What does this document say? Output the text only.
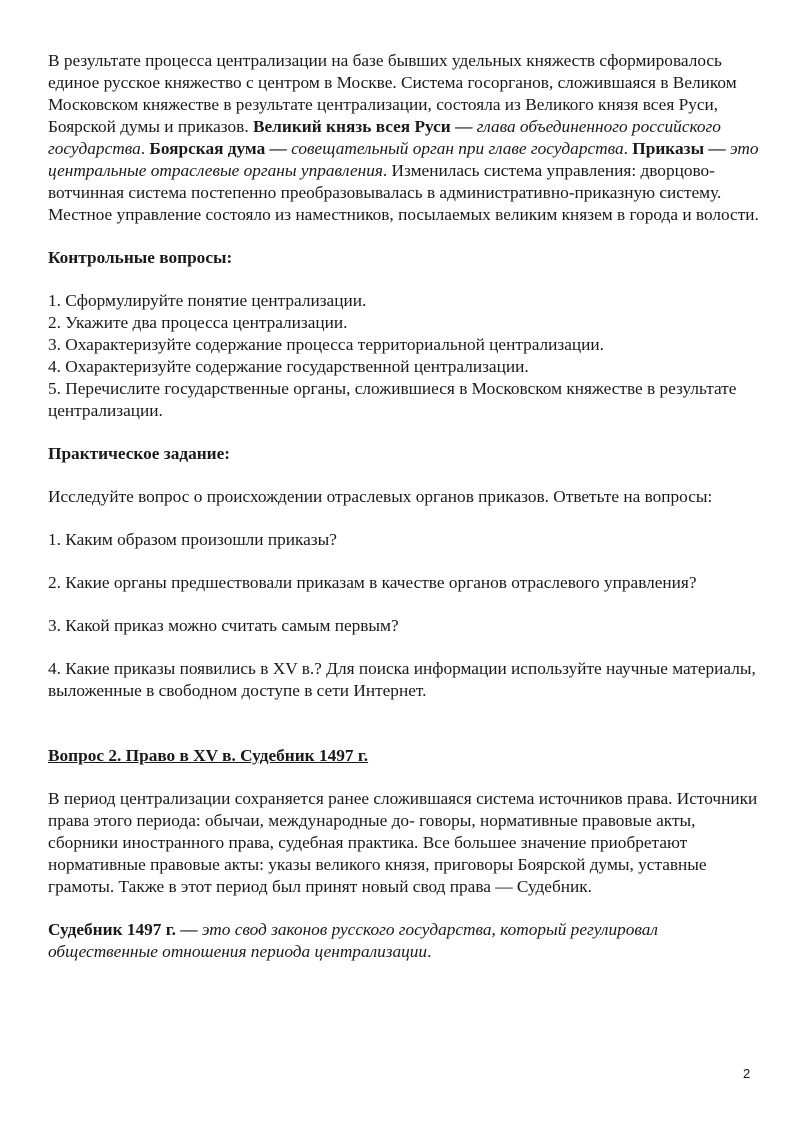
В результате процесса централизации на базе бывших удельных княжеств сформировалось единое русское княжество с центром в Москве. Система госорганов, сложившаяся в Великом Московском княжестве в результате централизации, состояла из Великого князя всея Руси, Боярской думы и приказов. Великий князь всея Руси — глава объединенного российского государства. Боярская дума — совещательный орган при главе государства. Приказы — это центральные отраслевые органы управления. Изменилась система управления: дворцово-вотчинная система постепенно преобразовывалась в административно-приказную систему. Местное управление состояло из наместников, посылаемых великим князем в города и волости.

Контрольные вопросы:

1. Сформулируйте понятие централизации.

2. Укажите два процесса централизации.

3. Охарактеризуйте содержание процесса территориальной централизации.

4. Охарактеризуйте содержание государственной централизации.

5. Перечислите государственные органы, сложившиеся в Московском княжестве в результате централизации.

Практическое задание:

Исследуйте вопрос о происхождении отраслевых органов приказов. Ответьте на вопросы:

1. Каким образом произошли приказы?

2. Какие органы предшествовали приказам в качестве органов отраслевого управления?

3. Какой приказ можно считать самым первым?

4. Какие приказы появились в XV в.? Для поиска информации используйте научные материалы, выложенные в свободном доступе в сети Интернет.

Вопрос 2. Право в XV в. Судебник 1497 г.

В период централизации сохраняется ранее сложившаяся система источников права. Источники права этого периода: обычаи, международные до- говоры, нормативные правовые акты, сборники иностранного права, судебная практика. Все большее значение приобретают нормативные правовые акты: указы великого князя, приговоры Боярской думы, уставные грамоты. Также в этот период был принят новый свод права — Судебник.

Судебник 1497 г. — это свод законов русского государства, который регулировал общественные отношения периода централизации.

2
